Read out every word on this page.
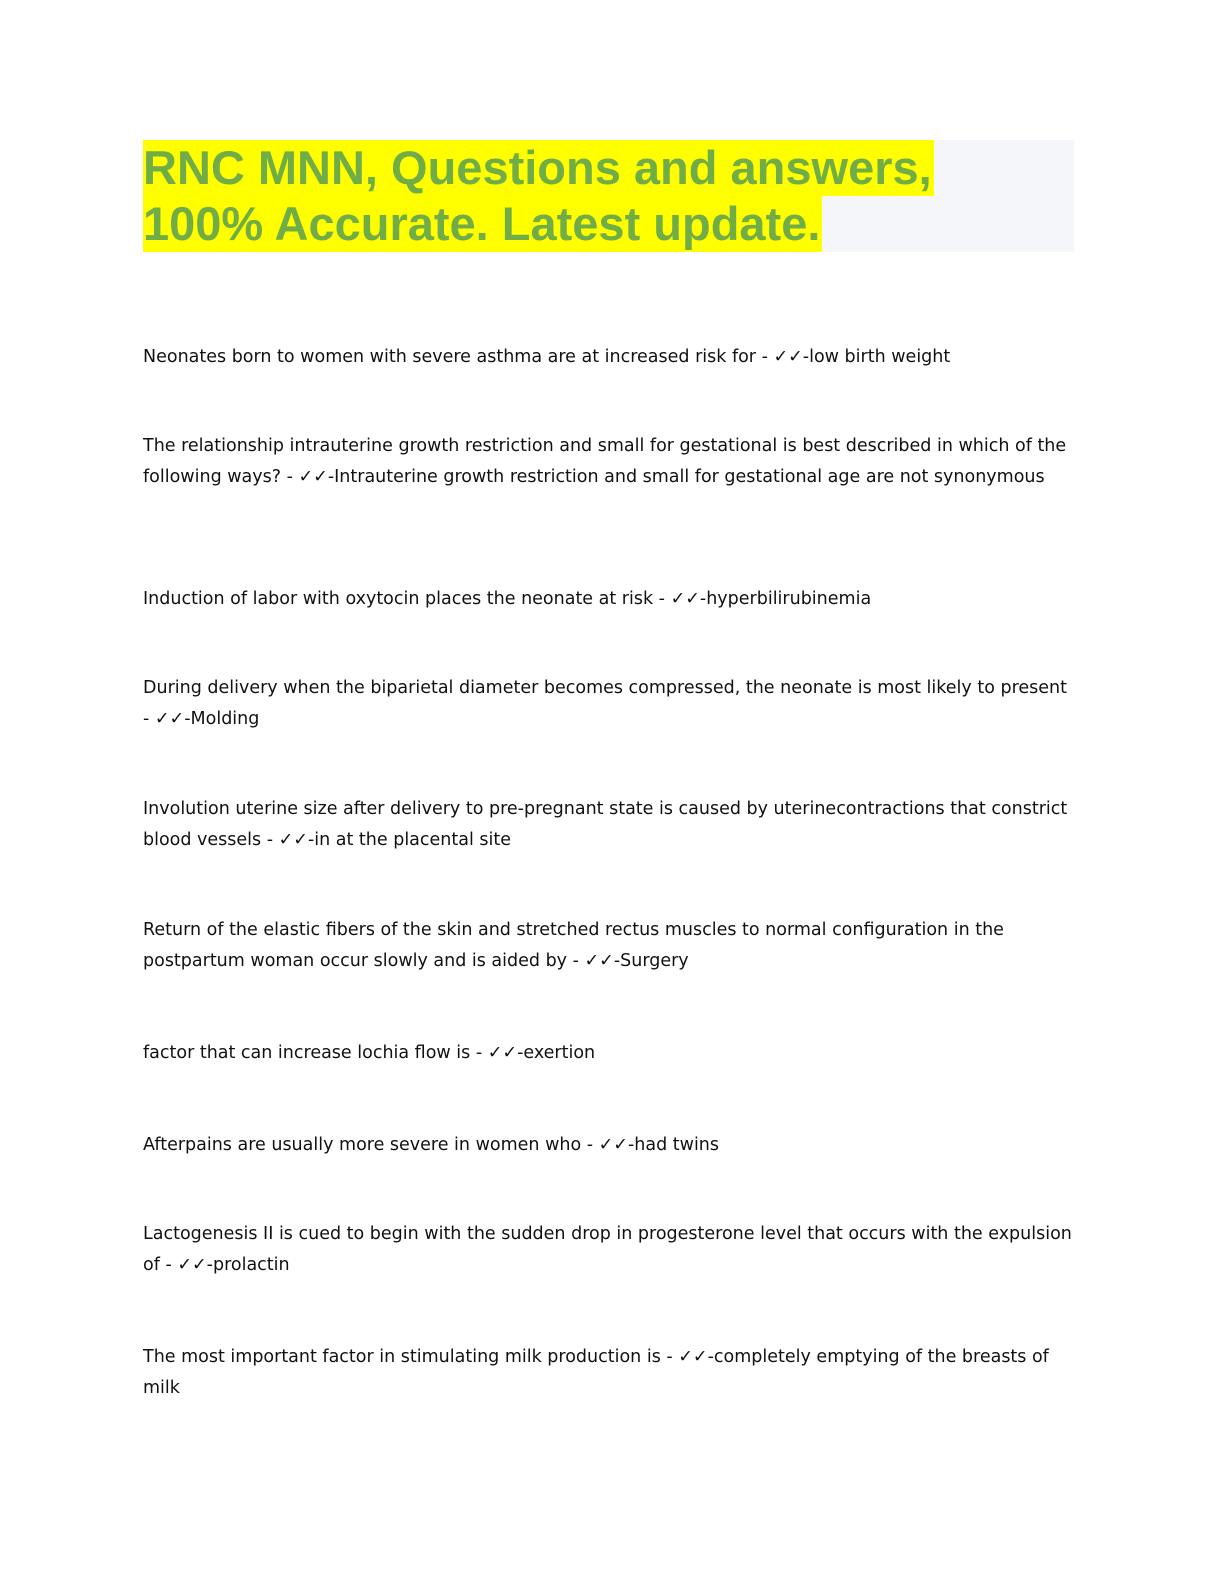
RNC MNN, Questions and answers,
100% Accurate. Latest update.

Neonates born to women with severe asthma are at increased risk for - ✓✓-low birth weight

The relationship intrauterine growth restriction and small for gestational is best described in which of the following ways? - ✓✓-Intrauterine growth restriction and small for gestational age are not synonymous

Induction of labor with oxytocin places the neonate at risk - ✓✓-hyperbilirubinemia

During delivery when the biparietal diameter becomes compressed, the neonate is most likely to present - ✓✓-Molding

Involution uterine size after delivery to pre-pregnant state is caused by uterinecontractions that constrict blood vessels - ✓✓-in at the placental site

Return of the elastic fibers of the skin and stretched rectus muscles to normal configuration in the postpartum woman occur slowly and is aided by - ✓✓-Surgery

factor that can increase lochia flow is - ✓✓-exertion

Afterpains are usually more severe in women who - ✓✓-had twins

Lactogenesis II is cued to begin with the sudden drop in progesterone level that occurs with the expulsion of - ✓✓-prolactin

The most important factor in stimulating milk production is - ✓✓-completely emptying of the breasts of milk
